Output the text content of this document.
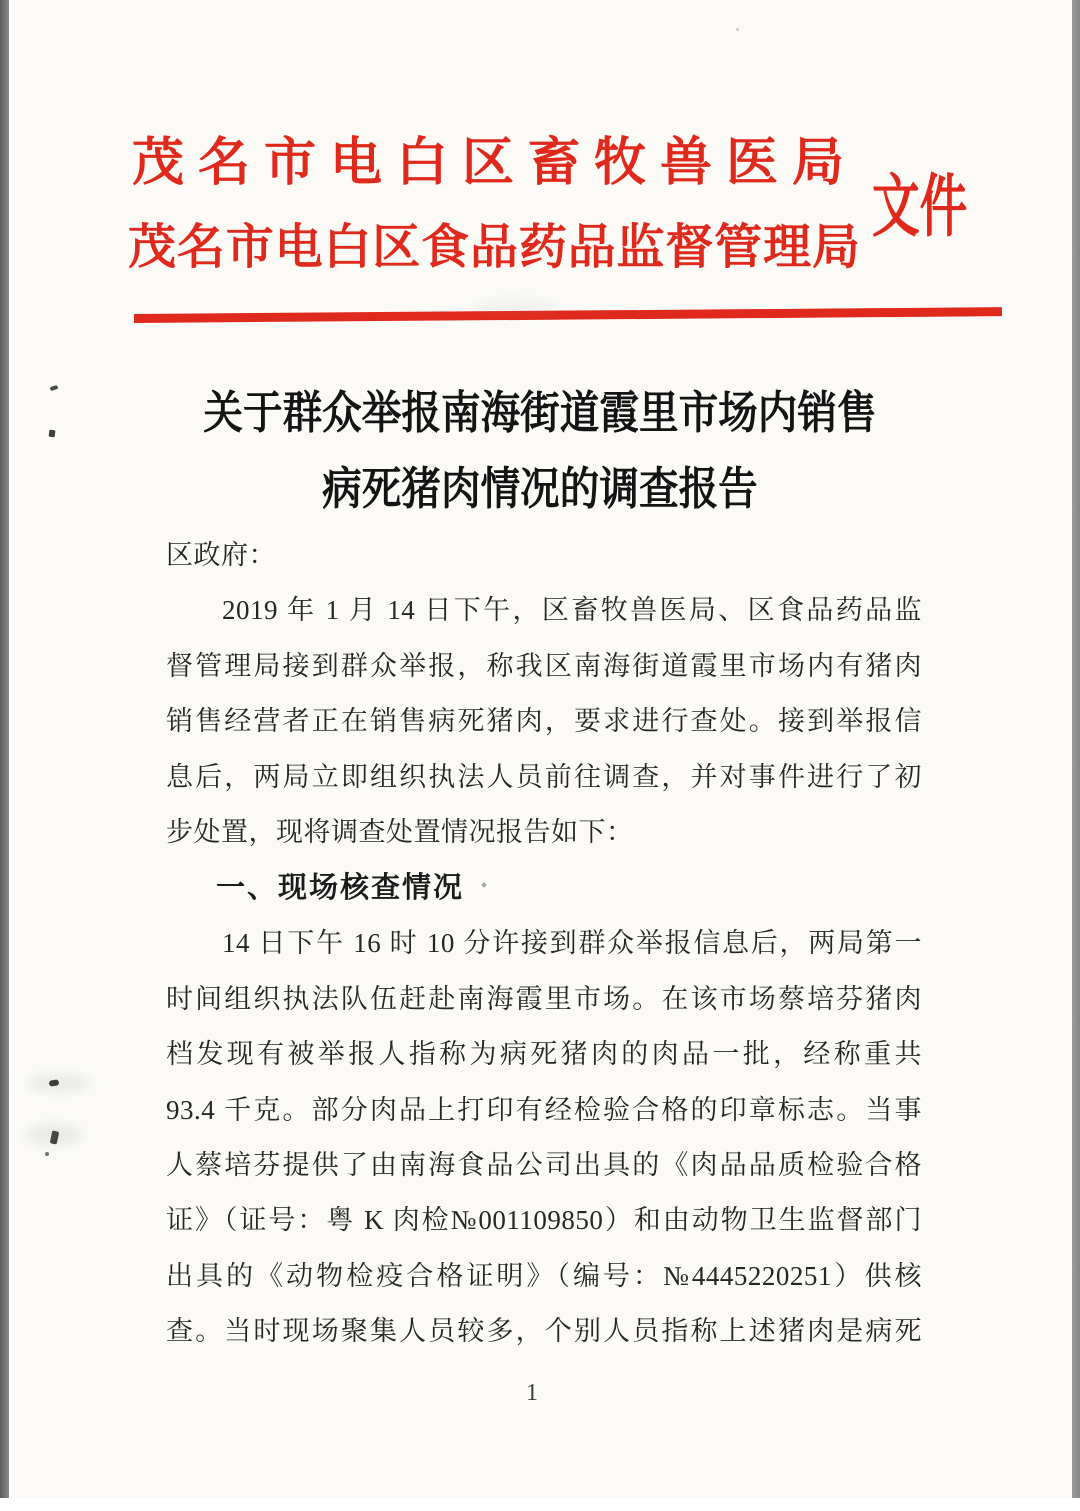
茂名市电白区畜牧兽医局
茂名市电白区食品药品监督管理局
文件
关于群众举报南海街道霞里市场内销售
病死猪肉情况的调查报告
区政府：
2019 年 1 月 14 日下午，区畜牧兽医局、区食品药品监
督管理局接到群众举报，称我区南海街道霞里市场内有猪肉
销售经营者正在销售病死猪肉，要求进行查处。接到举报信
息后，两局立即组织执法人员前往调查，并对事件进行了初
步处置，现将调查处置情况报告如下：
一、现场核查情况
14 日下午 16 时 10 分许接到群众举报信息后，两局第一
时间组织执法队伍赶赴南海霞里市场。在该市场蔡培芬猪肉
档发现有被举报人指称为病死猪肉的肉品一批，经称重共
93.4 千克。部分肉品上打印有经检验合格的印章标志。当事
人蔡培芬提供了由南海食品公司出具的《肉品品质检验合格
证》（证号：粤 K 肉检№001109850）和由动物卫生监督部门
出具的《动物检疫合格证明》（编号：№4445220251）供核
查。当时现场聚集人员较多，个别人员指称上述猪肉是病死
1
